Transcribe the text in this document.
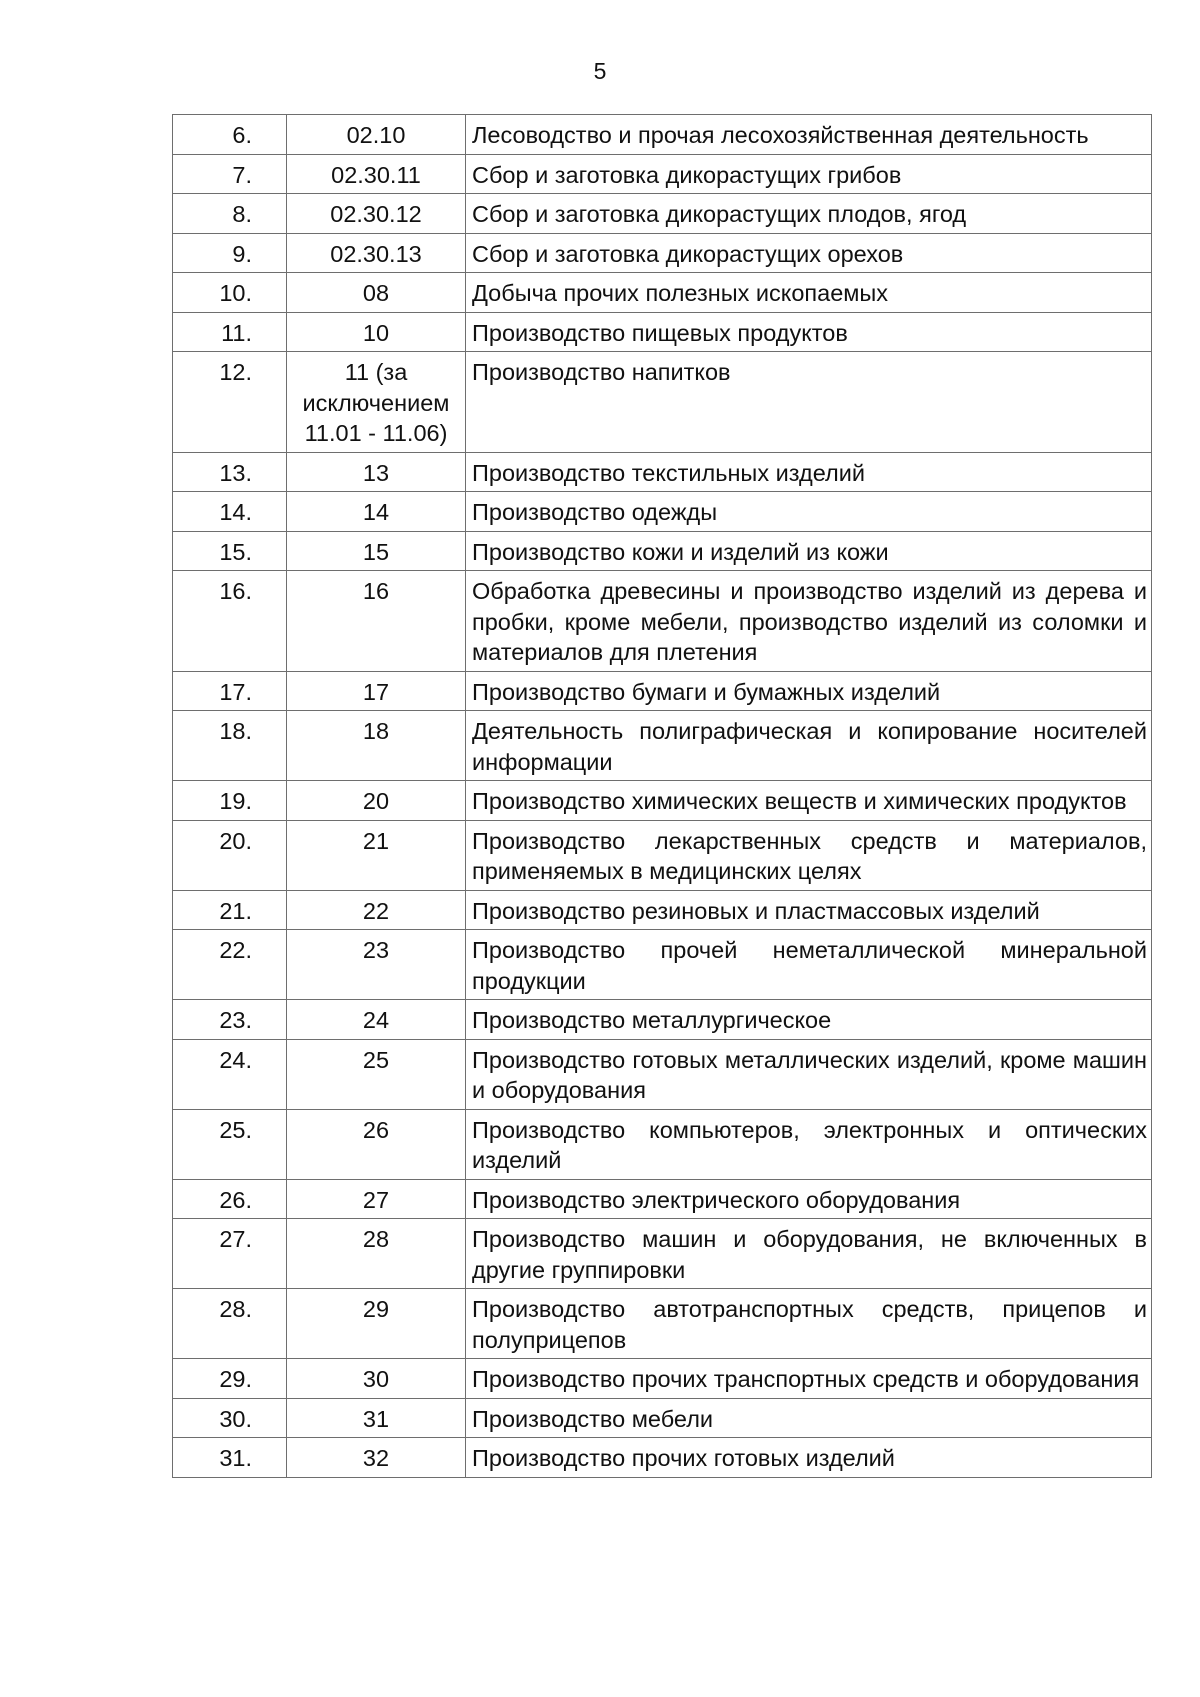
5
6.	02.10	Лесоводство и прочая лесохозяйственная деятельность
7.	02.30.11	Сбор и заготовка дикорастущих грибов
8.	02.30.12	Сбор и заготовка дикорастущих плодов, ягод
9.	02.30.13	Сбор и заготовка дикорастущих орехов
10.	08	Добыча прочих полезных ископаемых
11.	10	Производство пищевых продуктов
12.	11 (за исключением 11.01 - 11.06)	Производство напитков
13.	13	Производство текстильных изделий
14.	14	Производство одежды
15.	15	Производство кожи и изделий из кожи
16.	16	Обработка древесины и производство изделий из дерева и пробки, кроме мебели, производство изделий из соломки и материалов для плетения
17.	17	Производство бумаги и бумажных изделий
18.	18	Деятельность полиграфическая и копирование носителей информации
19.	20	Производство химических веществ и химических продуктов
20.	21	Производство лекарственных средств и материалов, применяемых в медицинских целях
21.	22	Производство резиновых и пластмассовых изделий
22.	23	Производство прочей неметаллической минеральной продукции
23.	24	Производство металлургическое
24.	25	Производство готовых металлических изделий, кроме машин и оборудования
25.	26	Производство компьютеров, электронных и оптических изделий
26.	27	Производство электрического оборудования
27.	28	Производство машин и оборудования, не включенных в другие группировки
28.	29	Производство автотранспортных средств, прицепов и полуприцепов
29.	30	Производство прочих транспортных средств и оборудования
30.	31	Производство мебели
31.	32	Производство прочих готовых изделий
